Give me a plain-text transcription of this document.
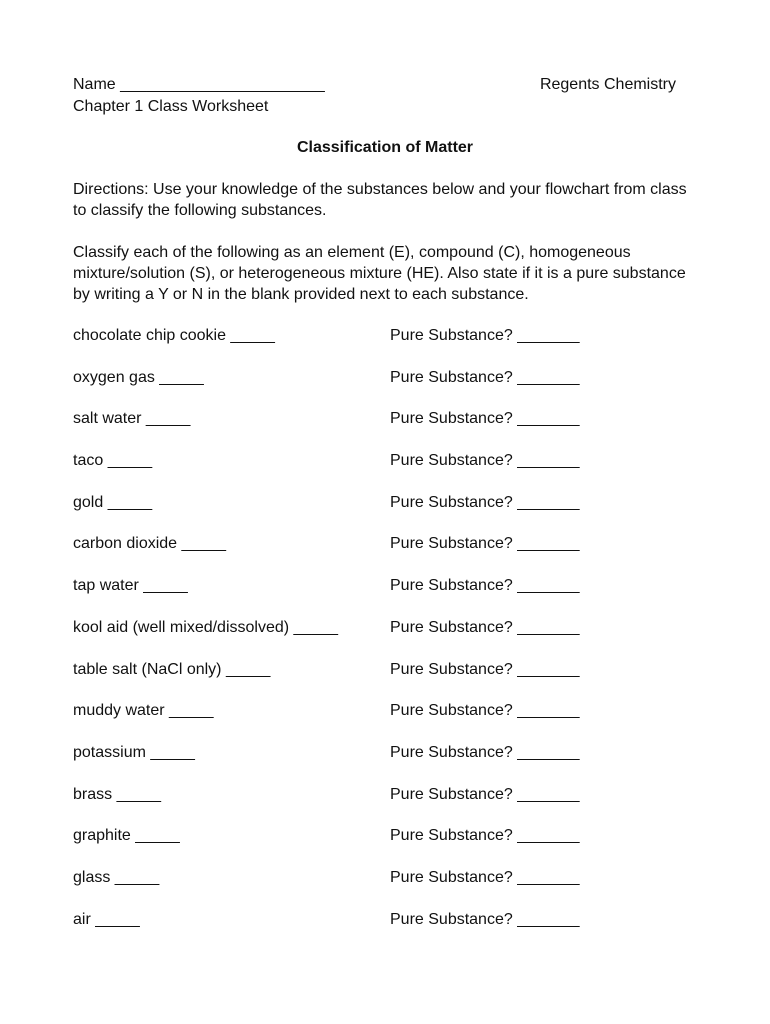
Name _______________________	Regents Chemistry
Chapter 1 Class Worksheet
Classification of Matter

Directions: Use your knowledge of the substances below and your flowchart from class to classify the following substances.

Classify each of the following as an element (E), compound (C), homogeneous mixture/solution (S), or heterogeneous mixture (HE). Also state if it is a pure substance by writing a Y or N in the blank provided next to each substance.

chocolate chip cookie _____	Pure Substance? _______
oxygen gas _____	Pure Substance? _______
salt water _____	Pure Substance? _______
taco _____	Pure Substance? _______
gold _____	Pure Substance? _______
carbon dioxide _____	Pure Substance? _______
tap water _____	Pure Substance? _______
kool aid (well mixed/dissolved) _____	Pure Substance? _______
table salt (NaCl only) _____	Pure Substance? _______
muddy water _____	Pure Substance? _______
potassium _____	Pure Substance? _______
brass _____	Pure Substance? _______
graphite _____	Pure Substance? _______
glass _____	Pure Substance? _______
air _____	Pure Substance? _______
